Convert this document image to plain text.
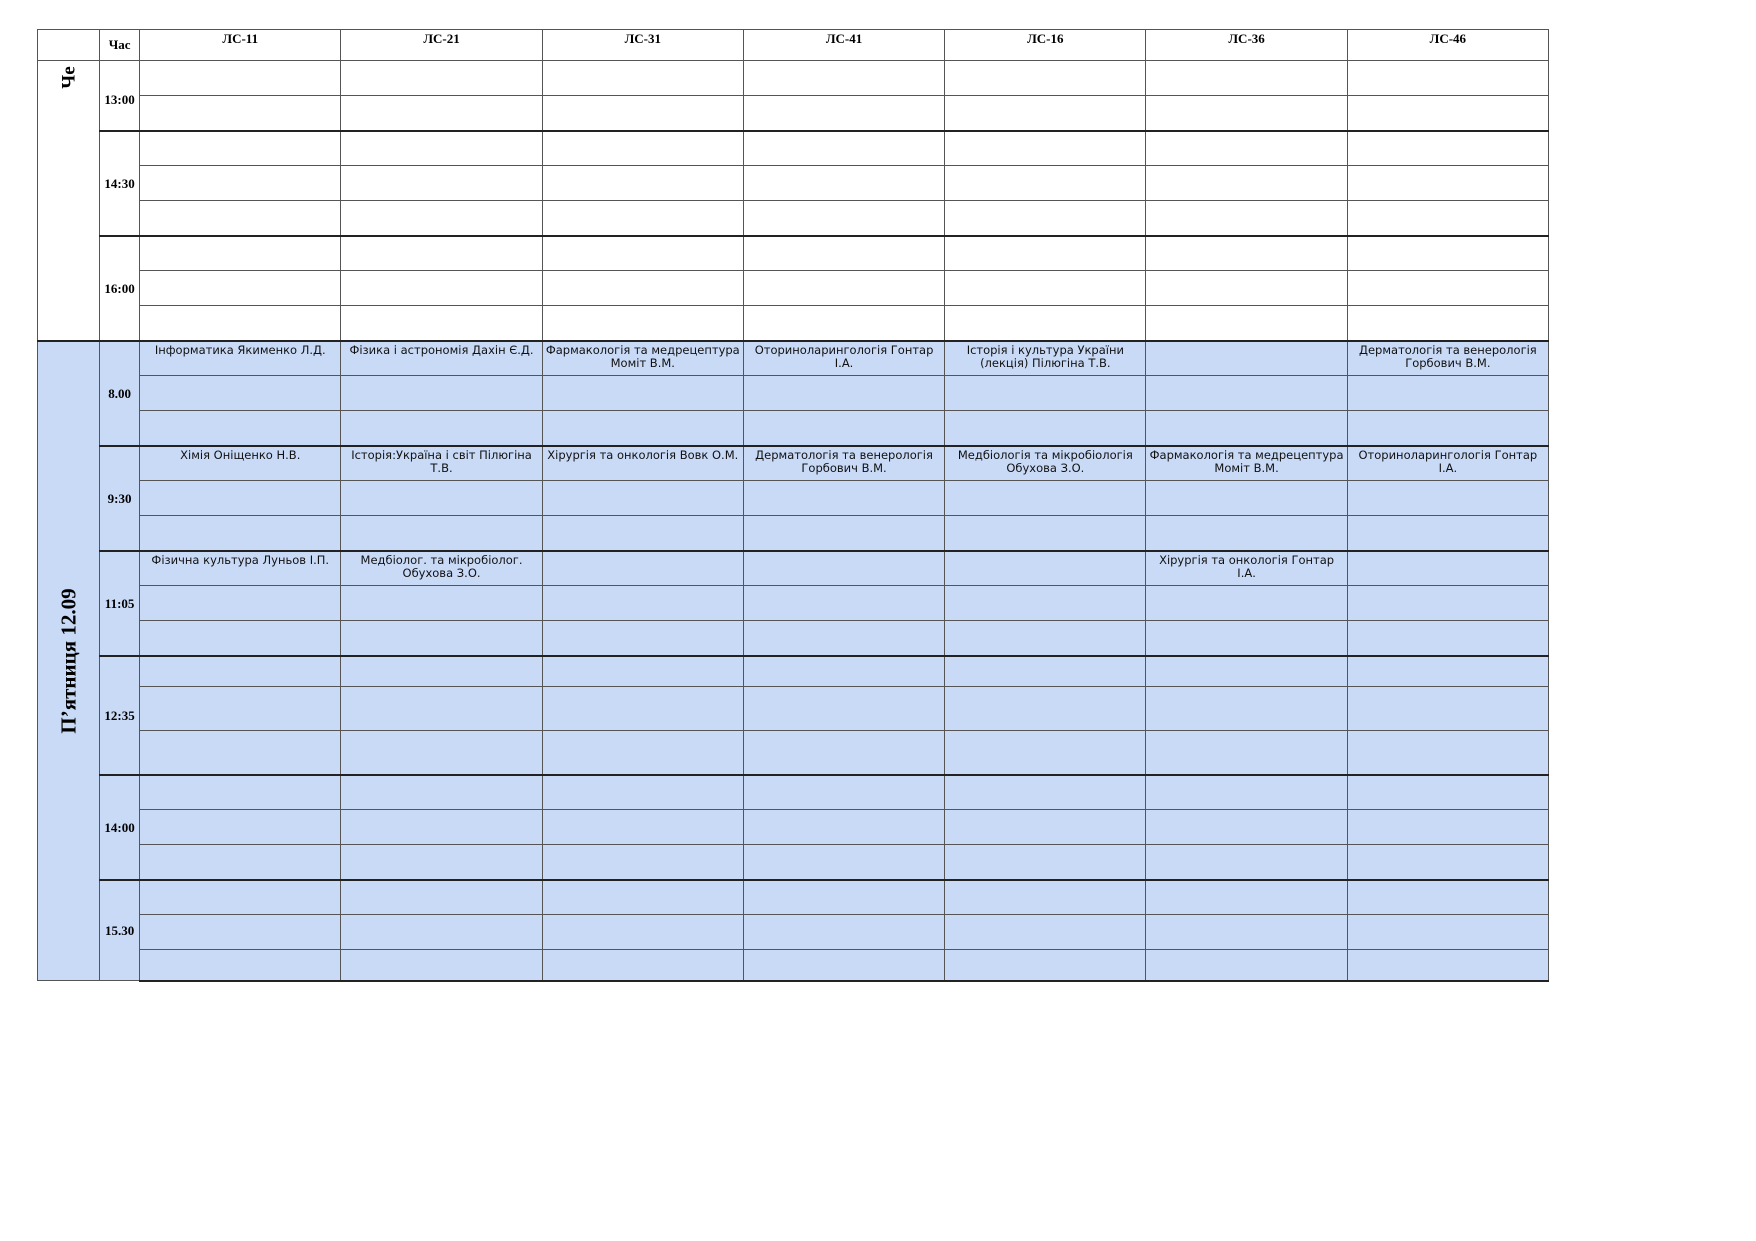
	Час	ЛС-11	ЛС-21	ЛС-31	ЛС-41	ЛС-16	ЛС-36	ЛС-46

Че	13:00							

	14:30							

	16:00							

П’ятниця 12.09	8.00	Інформатика Якименко Л.Д.	Фізика і астрономія Дахін Є.Д.	Фармакологія та медрецептура Моміт В.М.	Оториноларингологія Гонтар І.А.	Історія і культура України (лекція) Пілюгіна Т.В.		Дерматологія та венерологія Горбович В.М.

	9:30	Хімія Оніщенко Н.В.	Історія:Україна і світ Пілюгіна Т.В.	Хірургія та онкологія Вовк О.М.	Дерматологія та венерологія Горбович В.М.	Медбіологія та мікробіологія Обухова З.О.	Фармакологія та медрецептура Моміт В.М.	Оториноларингологія Гонтар І.А.

	11:05	Фізична культура Луньов І.П.	Медбіолог. та мікробіолог. Обухова З.О.				Хірургія та онкологія Гонтар І.А.	

	12:35							

	14:00							

	15.30							
